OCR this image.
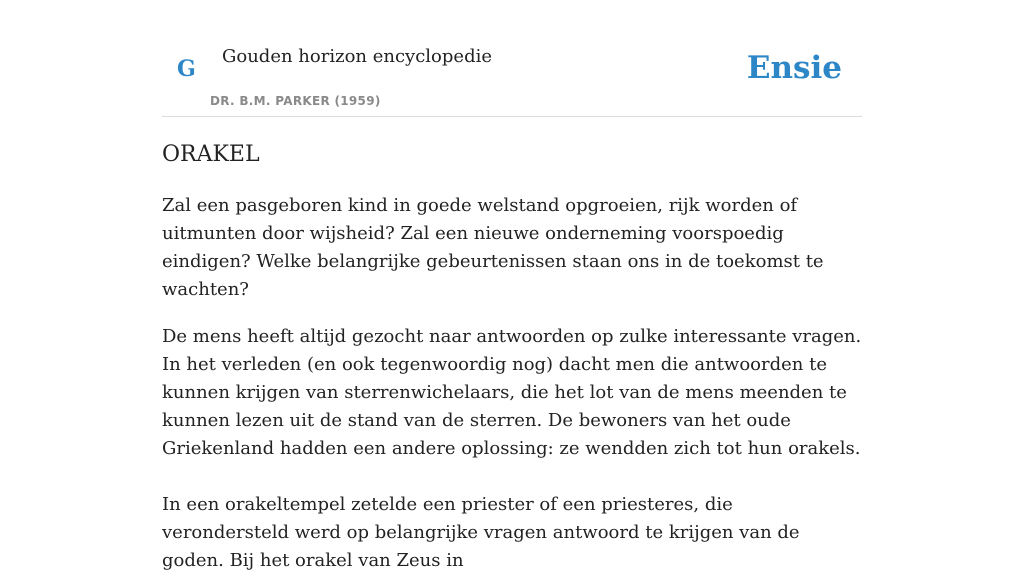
G Gouden horizon encyclopedie
DR. B.M. PARKER (1959)
Ensie
ORAKEL

Zal een pasgeboren kind in goede welstand opgroeien, rijk worden of uitmunten door wijsheid? Zal een nieuwe onderneming voorspoedig eindigen? Welke belangrijke gebeurtenissen staan ons in de toekomst te wachten?

De mens heeft altijd gezocht naar antwoorden op zulke interessante vragen. In het verleden (en ook tegenwoordig nog) dacht men die antwoorden te kunnen krijgen van sterrenwichelaars, die het lot van de mens meenden te kunnen lezen uit de stand van de sterren. De bewoners van het oude Griekenland hadden een andere oplossing: ze wendden zich tot hun orakels.

In een orakeltempel zetelde een priester of een priesteres, die verondersteld werd op belangrijke vragen antwoord te krijgen van de goden. Bij het orakel van Zeus in
